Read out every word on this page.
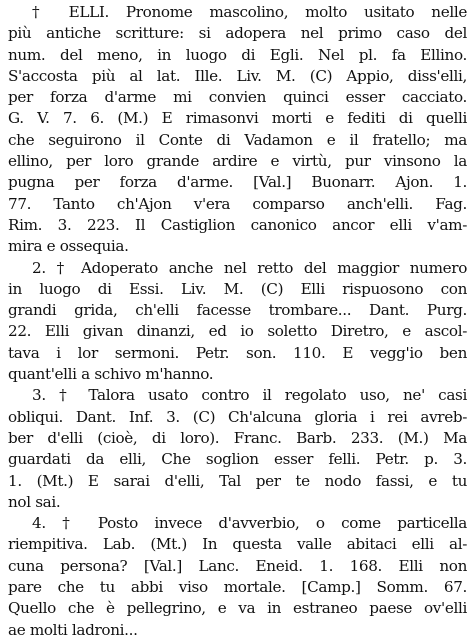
† ELLI. Pronome mascolino, molto usitato nelle
più antiche scritture: si adopera nel primo caso del
num. del meno, in luogo di Egli. Nel pl. fa Ellino.
S'accosta più al lat. Ille. Liv. M. (C) Appio, diss'elli,
per forza d'arme mi convien quinci esser cacciato.
G. V. 7. 6. (M.) E rimasonvi morti e fediti di quelli
che seguirono il Conte di Vadamon e il fratello; ma
ellino, per loro grande ardire e virtù, pur vinsono la
pugna per forza d'arme. [Val.] Buonarr. Ajon. 1.
77. Tanto ch'Ajon v'era comparso anch'elli. Fag.
Rim. 3. 223. Il Castiglion canonico ancor elli v'am-
mira e ossequia.
2. † Adoperato anche nel retto del maggior numero
in luogo di Essi. Liv. M. (C) Elli rispuosono con
grandi grida, ch'elli facesse trombare... Dant. Purg.
22. Elli givan dinanzi, ed io soletto Diretro, e ascol-
tava i lor sermoni. Petr. son. 110. E vegg'io ben
quant'elli a schivo m'hanno.
3. † Talora usato contro il regolato uso, ne' casi
obliqui. Dant. Inf. 3. (C) Ch'alcuna gloria i rei avreb-
ber d'elli (cioè, di loro). Franc. Barb. 233. (M.) Ma
guardati da elli, Che soglion esser felli. Petr. p. 3.
1. (Mt.) E sarai d'elli, Tal per te nodo fassi, e tu
nol sai.
4. † Posto invece d'avverbio, o come particella
riempitiva. Lab. (Mt.) In questa valle abitaci elli al-
cuna persona? [Val.] Lanc. Eneid. 1. 168. Elli non
pare che tu abbi viso mortale. [Camp.] Somm. 67.
Quello che è pellegrino, e va in estraneo paese ov'elli
ae molti ladroni...
